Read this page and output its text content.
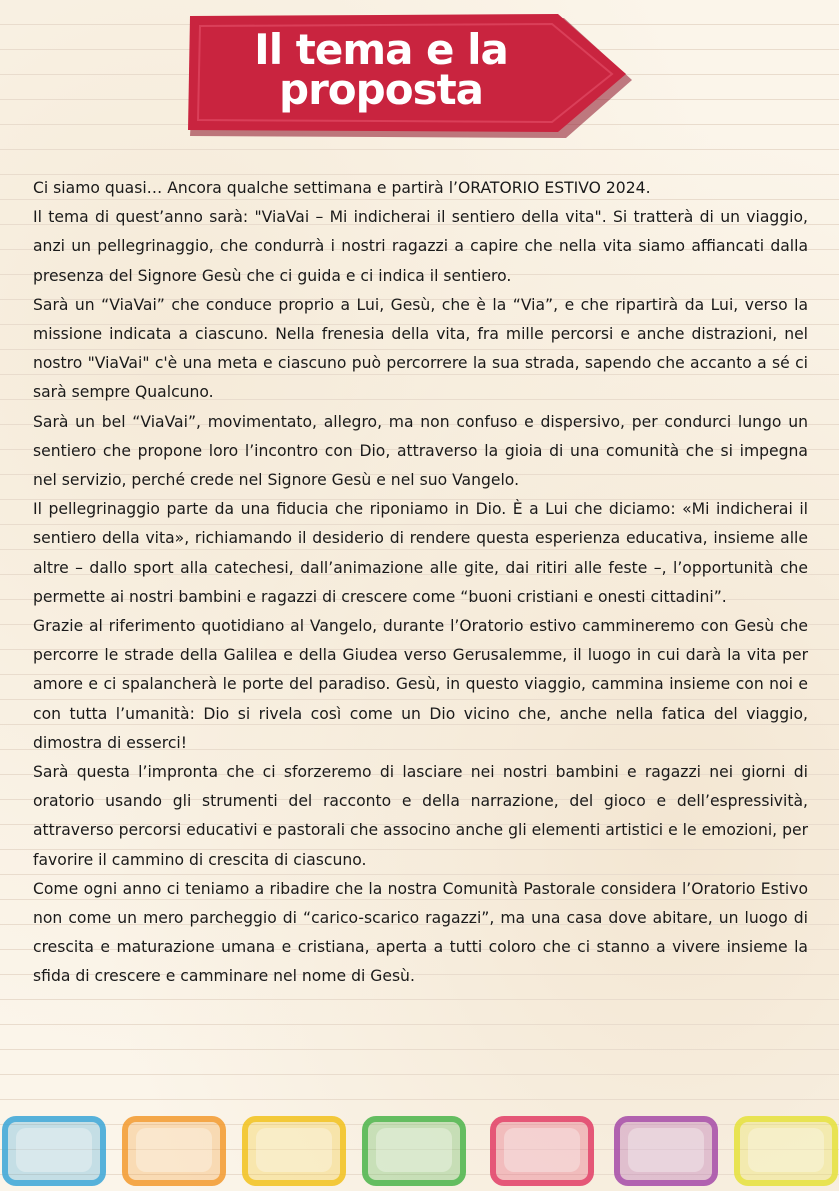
Il tema e la
proposta

Ci siamo quasi… Ancora qualche settimana e partirà l’ORATORIO ESTIVO 2024.

Il tema di quest’anno sarà: "ViaVai – Mi indicherai il sentiero della vita". Si tratterà di un viaggio, anzi un pellegrinaggio, che condurrà i nostri ragazzi a capire che nella vita siamo affiancati dalla presenza del Signore Gesù che ci guida e ci indica il sentiero.

Sarà un “ViaVai” che conduce proprio a Lui, Gesù, che è la “Via”, e che ripartirà da Lui, verso la missione indicata a ciascuno. Nella frenesia della vita, fra mille percorsi e anche distrazioni, nel nostro "ViaVai" c'è una meta e ciascuno può percorrere la sua strada, sapendo che accanto a sé ci sarà sempre Qualcuno.

Sarà un bel “ViaVai”, movimentato, allegro, ma non confuso e dispersivo, per condurci lungo un sentiero che propone loro l’incontro con Dio, attraverso la gioia di una comunità che si impegna nel servizio, perché crede nel Signore Gesù e nel suo Vangelo.

Il pellegrinaggio parte da una fiducia che riponiamo in Dio. È a Lui che diciamo: «Mi indicherai il sentiero della vita», richiamando il desiderio di rendere questa esperienza educativa, insieme alle altre – dallo sport alla catechesi, dall’animazione alle gite, dai ritiri alle feste –, l’opportunità che permette ai nostri bambini e ragazzi di crescere come “buoni cristiani e onesti cittadini”.

Grazie al riferimento quotidiano al Vangelo, durante l’Oratorio estivo cammineremo con Gesù che percorre le strade della Galilea e della Giudea verso Gerusalemme, il luogo in cui darà la vita per amore e ci spalancherà le porte del paradiso. Gesù, in questo viaggio, cammina insieme con noi e con tutta l’umanità: Dio si rivela così come un Dio vicino che, anche nella fatica del viaggio, dimostra di esserci!

Sarà questa l’impronta che ci sforzeremo di lasciare nei nostri bambini e ragazzi nei giorni di oratorio usando gli strumenti del racconto e della narrazione, del gioco e dell’espressività, attraverso percorsi educativi e pastorali che associno anche gli elementi artistici e le emozioni, per favorire il cammino di crescita di ciascuno.

Come ogni anno ci teniamo a ribadire che la nostra Comunità Pastorale considera l’Oratorio Estivo non come un mero parcheggio di “carico-scarico ragazzi”, ma una casa dove abitare, un luogo di crescita e maturazione umana e cristiana, aperta a tutti coloro che ci stanno a vivere insieme la sfida di crescere e camminare nel nome di Gesù.
